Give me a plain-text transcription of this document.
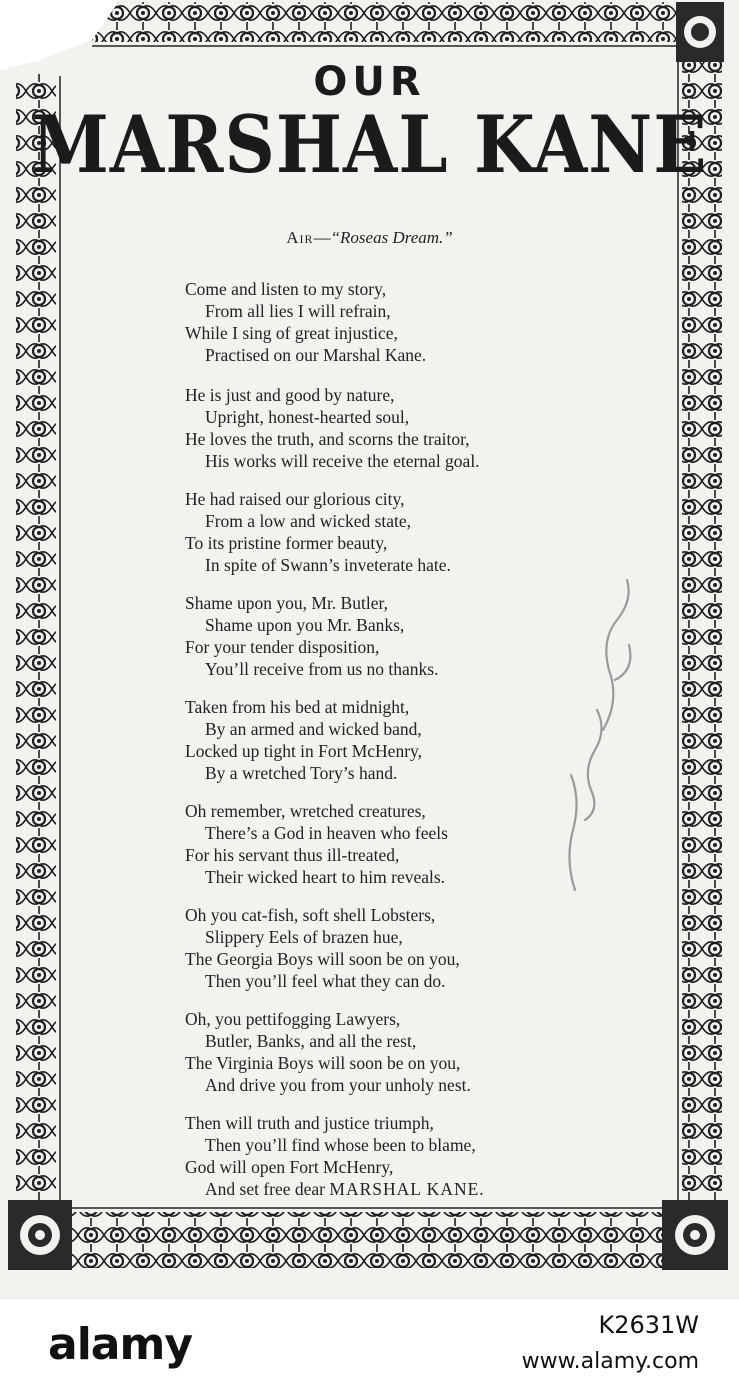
OUR
MARSHAL KANE
Air—“Roseas Dream.”
Come and listen to my story,
From all lies I will refrain,
While I sing of great injustice,
Practised on our Marshal Kane.
He is just and good by nature,
Upright, honest-hearted soul,
He loves the truth, and scorns the traitor,
His works will receive the eternal goal.
He had raised our glorious city,
From a low and wicked state,
To its pristine former beauty,
In spite of Swann’s inveterate hate.
Shame upon you, Mr. Butler,
Shame upon you Mr. Banks,
For your tender disposition,
You’ll receive from us no thanks.
Taken from his bed at midnight,
By an armed and wicked band,
Locked up tight in Fort McHenry,
By a wretched Tory’s hand.
Oh remember, wretched creatures,
There’s a God in heaven who feels
For his servant thus ill-treated,
Their wicked heart to him reveals.
Oh you cat-fish, soft shell Lobsters,
Slippery Eels of brazen hue,
The Georgia Boys will soon be on you,
Then you’ll feel what they can do.
Oh, you pettifogging Lawyers,
Butler, Banks, and all the rest,
The Virginia Boys will soon be on you,
And drive you from your unholy nest.
Then will truth and justice triumph,
Then you’ll find whose been to blame,
God will open Fort McHenry,
And set free dear MARSHAL KANE.
alamy	K2631W
www.alamy.com
